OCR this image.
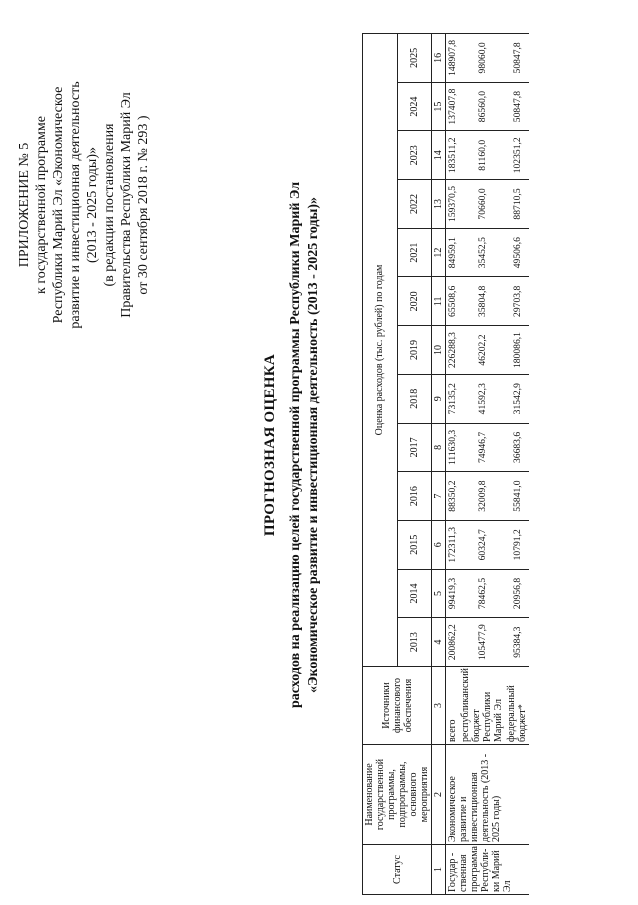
ПРИЛОЖЕНИЕ № 5 к государственной программе Республики Марий Эл «Экономическое развитие и инвестиционная деятельность (2013 - 2025 годы)» (в редакции постановления Правительства Республики Марий Эл от 30 сентября 2018 г. № 293 )
ПРОГНОЗНАЯ ОЦЕНКА расходов на реализацию целей государственной программы Республики Марий Эл «Экономическое развитие и инвестиционная деятельность (2013 - 2025 годы)»
Статус	Наименование государственной программы, подпрограммы, основного мероприятия	Источники финансового обеспечения	Оценка расходов (тыс. рублей) по годам												
			2013	2014	2015	2016	2017	2018	2019	2020	2021	2022	2023	2024	2025
1	2	3	4	5	6	7	8	9	10	11	12	13	14	15	16
Государ - ственная программа Республи- ки Марий Эл	Экономическое развитие и инвестиционная деятельность (2013 - 2025 годы)	всего	200862,2	99419,3	172311,3	88350,2	111630,3	73135,2	226288,3	65508,6	84959,1	159370,5	183511,2	137407,8	148907,8
		республиканский бюджет Республики Марий Эл	105477,9	78462,5	60324,7	32009,8	74946,7	41592,3	46202,2	35804,8	35452,5	70660,0	81160,0	86560,0	98060,0
		федеральный бюджет*	95384,3	20956,8	10791,2	55841,0	36683,6	31542,9	180086,1	29703,8	49506,6	88710,5	102351,2	50847,8	50847,8
